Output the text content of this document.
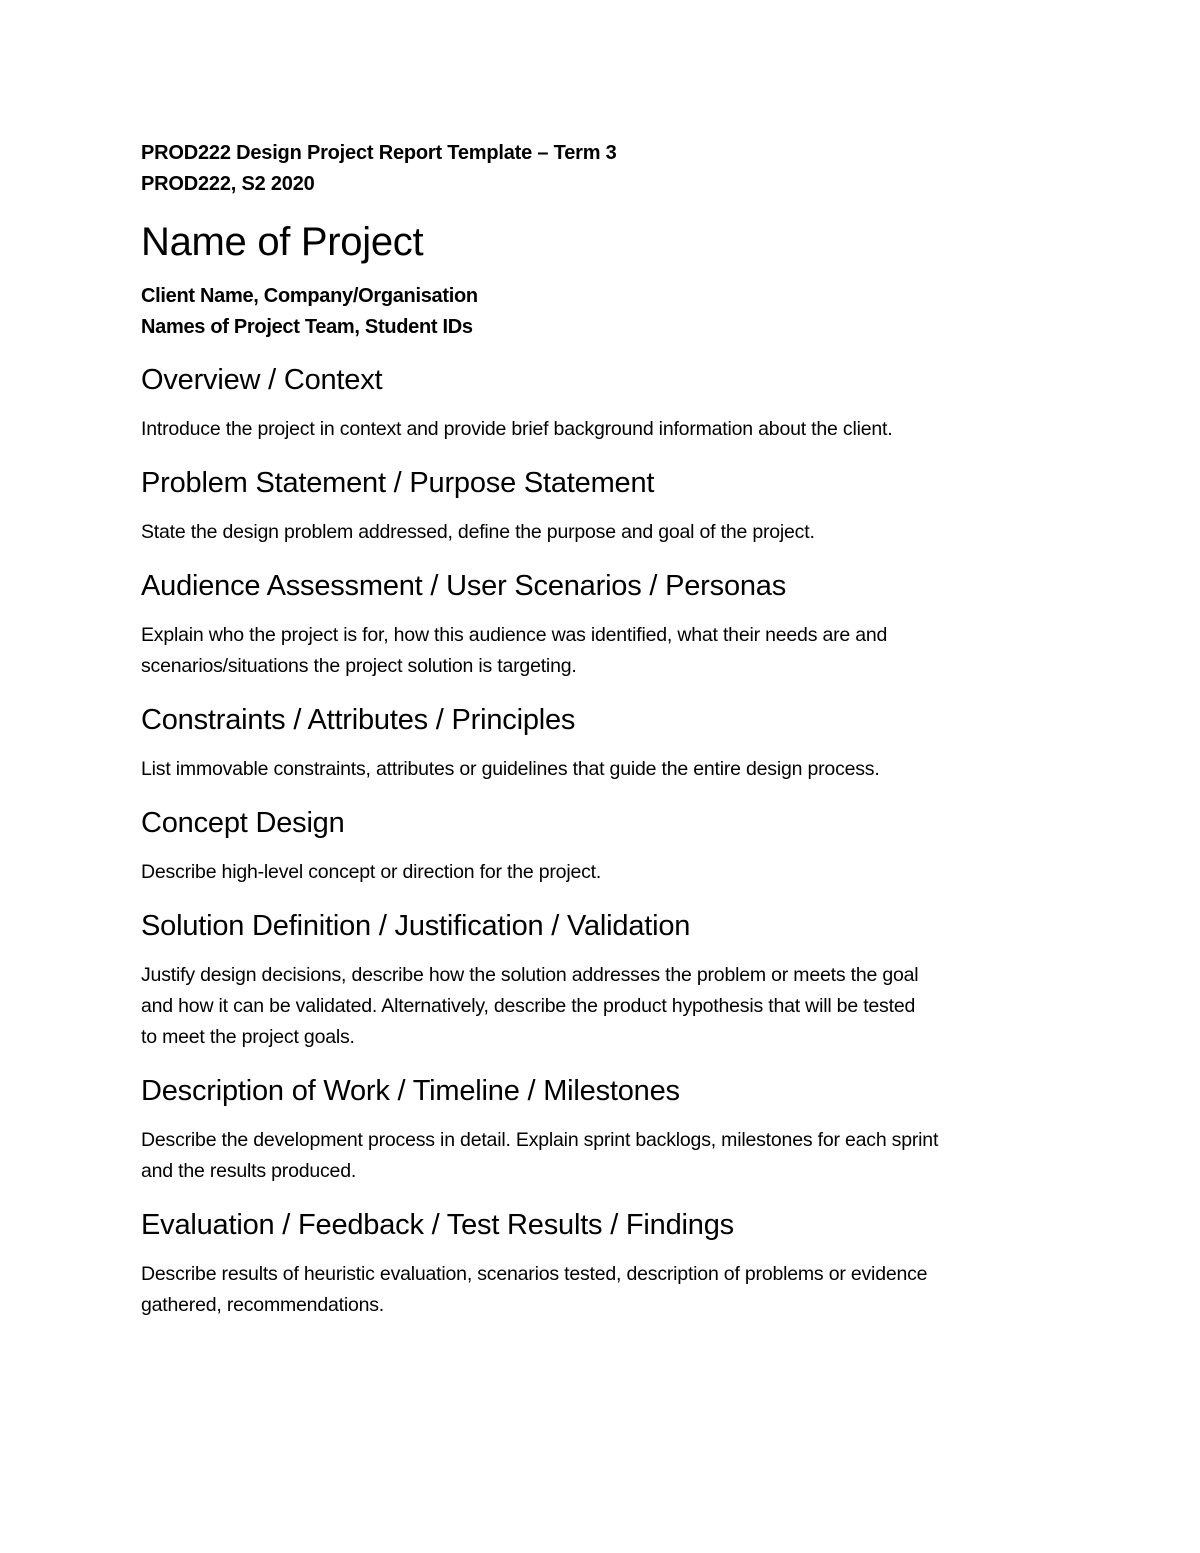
PROD222 Design Project Report Template – Term 3
PROD222, S2 2020
Name of Project
Client Name, Company/Organisation
Names of Project Team, Student IDs
Overview / Context

Introduce the project in context and provide brief background information about the client.

Problem Statement / Purpose Statement

State the design problem addressed, define the purpose and goal of the project.

Audience Assessment / User Scenarios / Personas

Explain who the project is for, how this audience was identified, what their needs are and
scenarios/situations the project solution is targeting.

Constraints / Attributes / Principles

List immovable constraints, attributes or guidelines that guide the entire design process.

Concept Design

Describe high-level concept or direction for the project.

Solution Definition / Justification / Validation

Justify design decisions, describe how the solution addresses the problem or meets the goal
and how it can be validated. Alternatively, describe the product hypothesis that will be tested
to meet the project goals.

Description of Work / Timeline / Milestones

Describe the development process in detail. Explain sprint backlogs, milestones for each sprint
and the results produced.

Evaluation / Feedback / Test Results / Findings

Describe results of heuristic evaluation, scenarios tested, description of problems or evidence
gathered, recommendations.
